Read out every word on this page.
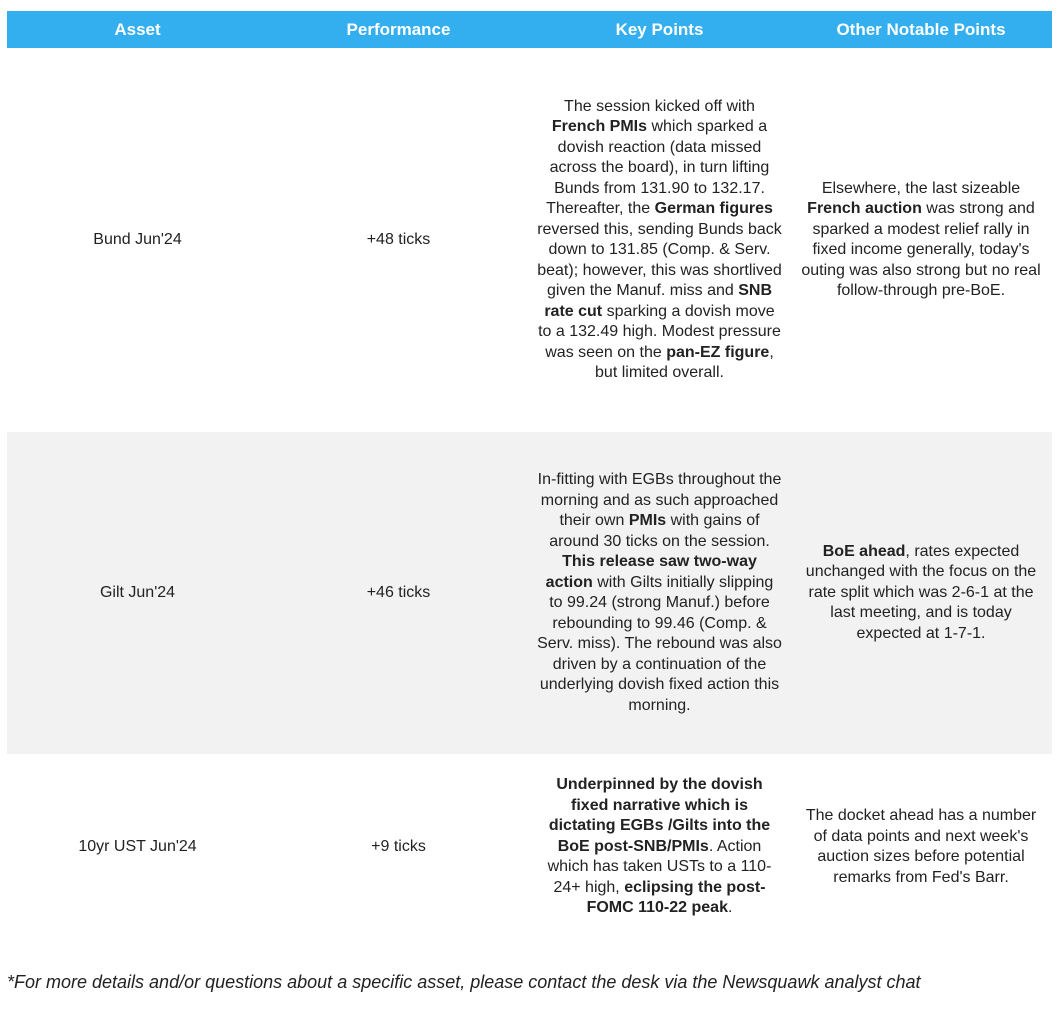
Asset	Performance	Key Points	Other Notable Points
Bund Jun'24	+48 ticks	The session kicked off with French PMIs which sparked a dovish reaction (data missed across the board), in turn lifting Bunds from 131.90 to 132.17. Thereafter, the German figures reversed this, sending Bunds back down to 131.85 (Comp. & Serv. beat); however, this was shortlived given the Manuf. miss and SNB rate cut sparking a dovish move to a 132.49 high. Modest pressure was seen on the pan-EZ figure, but limited overall.	Elsewhere, the last sizeable French auction was strong and sparked a modest relief rally in fixed income generally, today's outing was also strong but no real follow-through pre-BoE.
Gilt Jun'24	+46 ticks	In-fitting with EGBs throughout the morning and as such approached their own PMIs with gains of around 30 ticks on the session. This release saw two-way action with Gilts initially slipping to 99.24 (strong Manuf.) before rebounding to 99.46 (Comp. & Serv. miss). The rebound was also driven by a continuation of the underlying dovish fixed action this morning.	BoE ahead, rates expected unchanged with the focus on the rate split which was 2-6-1 at the last meeting, and is today expected at 1-7-1.
10yr UST Jun'24	+9 ticks	Underpinned by the dovish fixed narrative which is dictating EGBs /Gilts into the BoE post-SNB/PMIs. Action which has taken USTs to a 110-24+ high, eclipsing the post-FOMC 110-22 peak.	The docket ahead has a number of data points and next week's auction sizes before potential remarks from Fed's Barr.

*For more details and/or questions about a specific asset, please contact the desk via the Newsquawk analyst chat
